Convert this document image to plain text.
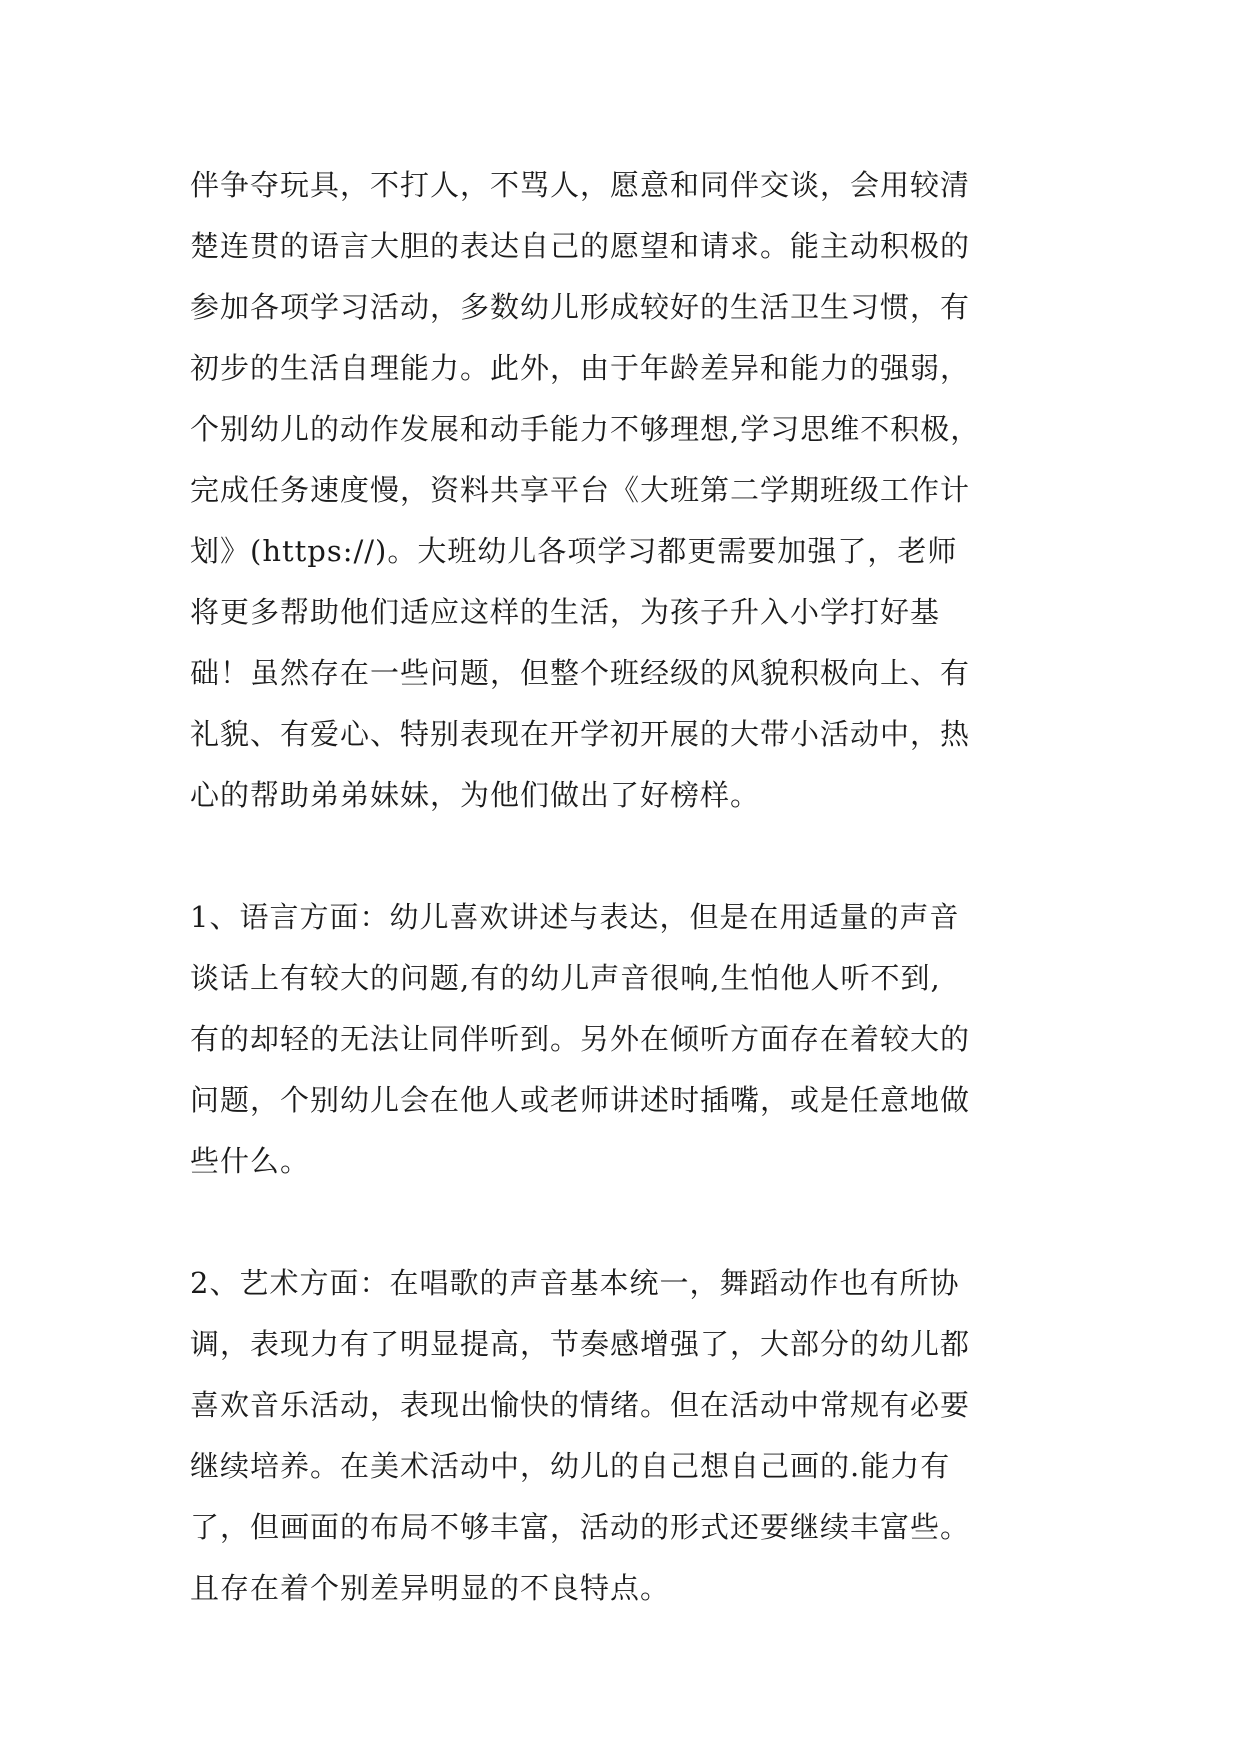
伴争夺玩具，不打人，不骂人，愿意和同伴交谈，会用较清
楚连贯的语言大胆的表达自己的愿望和请求。能主动积极的
参加各项学习活动，多数幼儿形成较好的生活卫生习惯，有
初步的生活自理能力。此外，由于年龄差异和能力的强弱，
个别幼儿的动作发展和动手能力不够理想,学习思维不积极，
完成任务速度慢，资料共享平台《大班第二学期班级工作计
划》(https://)。大班幼儿各项学习都更需要加强了，老师
将更多帮助他们适应这样的生活，为孩子升入小学打好基
础！虽然存在一些问题，但整个班经级的风貌积极向上、有
礼貌、有爱心、特别表现在开学初开展的大带小活动中，热
心的帮助弟弟妹妹，为他们做出了好榜样。
1、语言方面：幼儿喜欢讲述与表达，但是在用适量的声音
谈话上有较大的问题,有的幼儿声音很响,生怕他人听不到,
有的却轻的无法让同伴听到。另外在倾听方面存在着较大的
问题，个别幼儿会在他人或老师讲述时插嘴，或是任意地做
些什么。
2、艺术方面：在唱歌的声音基本统一，舞蹈动作也有所协
调，表现力有了明显提高，节奏感增强了，大部分的幼儿都
喜欢音乐活动，表现出愉快的情绪。但在活动中常规有必要
继续培养。在美术活动中，幼儿的自己想自己画的.能力有
了，但画面的布局不够丰富，活动的形式还要继续丰富些。
且存在着个别差异明显的不良特点。
